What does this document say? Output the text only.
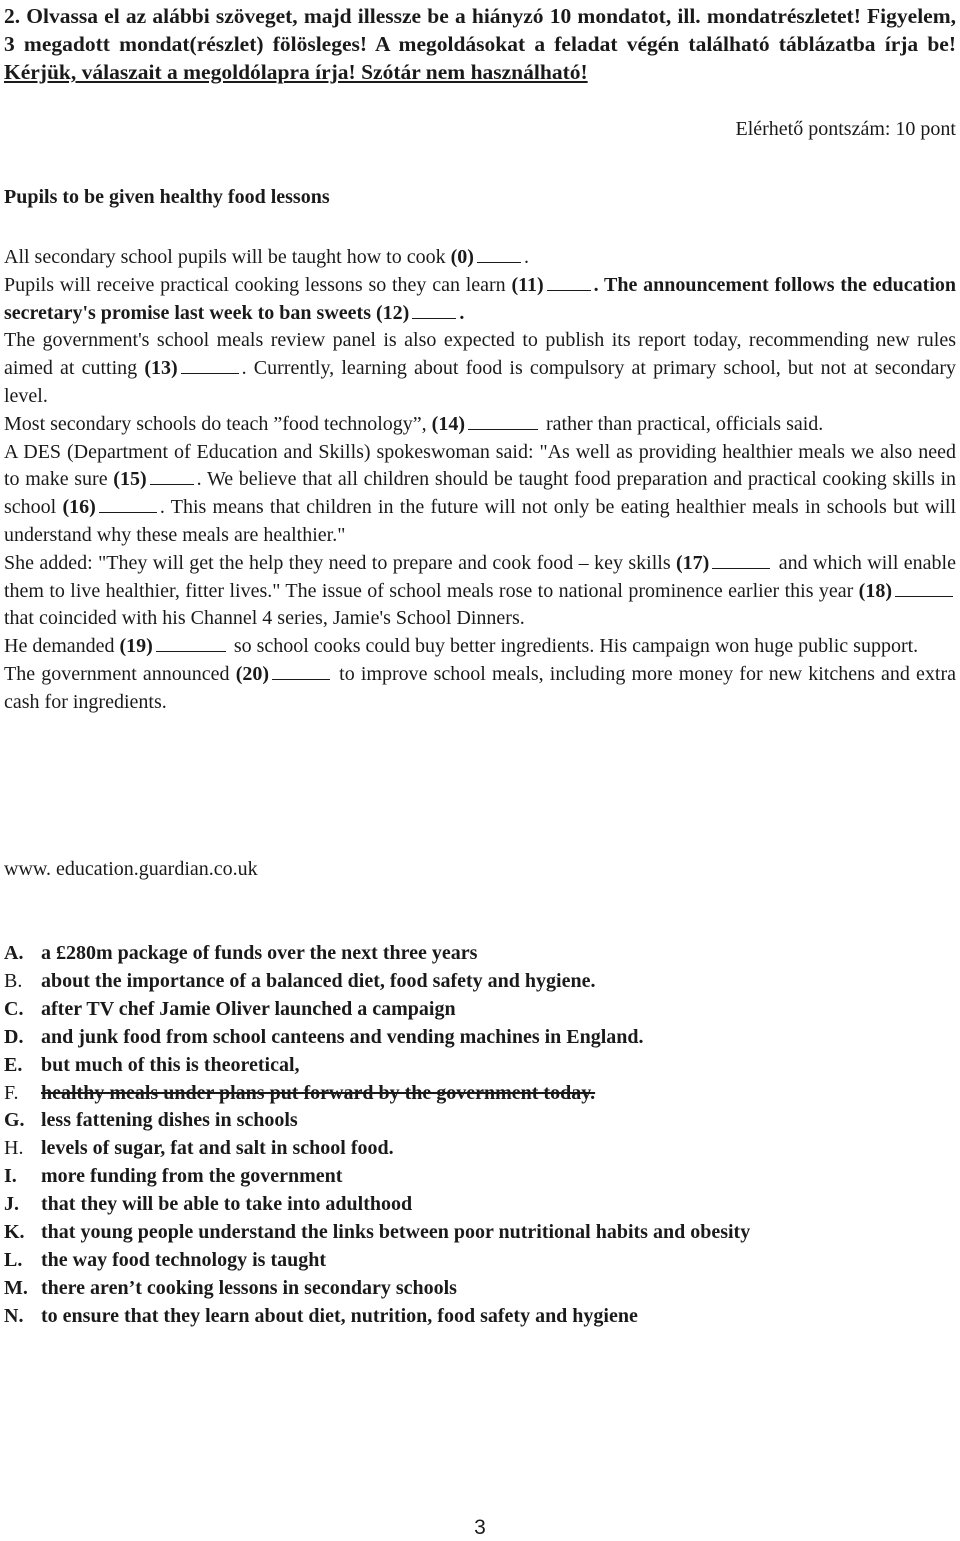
2. Olvassa el az alábbi szöveget, majd illessze be a hiányzó 10 mondatot, ill. mondatrészletet! Figyelem, 3 megadott mondat(részlet) fölösleges! A megoldásokat a feladat végén található táblázatba írja be! Kérjük, válaszait a megoldólapra írja! Szótár nem használható!
Elérhető pontszám: 10 pont
Pupils to be given healthy food lessons

All secondary school pupils will be taught how to cook (0)	.

Pupils will receive practical cooking lessons so they can learn (11)	. The announcement follows the education secretary's promise last week to ban sweets (12)	.

The government's school meals review panel is also expected to publish its report today, recommending new rules aimed at cutting (13)	. Currently, learning about food is compulsory at primary school, but not at secondary level.

Most secondary schools do teach ”food technology”, (14)	rather than practical, officials said.

A DES (Department of Education and Skills) spokeswoman said: "As well as providing healthier meals we also need to make sure (15)	. We believe that all children should be taught food preparation and practical cooking skills in school (16)	. This means that children in the future will not only be eating healthier meals in schools but will understand why these meals are healthier."

She added: "They will get the help they need to prepare and cook food – key skills (17)	and which will enable them to live healthier, fitter lives." The issue of school meals rose to national prominence earlier this year (18) that coincided with his Channel 4 series, Jamie's School Dinners.

He demanded (19)	so school cooks could buy better ingredients. His campaign won huge public support.

The government announced (20)	to improve school meals, including more money for new kitchens and extra cash for ingredients.

www. education.guardian.co.uk
A. a £280m package of funds over the next three years
B. about the importance of a balanced diet, food safety and hygiene.
C. after TV chef Jamie Oliver launched a campaign
D. and junk food from school canteens and vending machines in England.
E. but much of this is theoretical,
F.	healthy meals under plans put forward by the government today.
G. less fattening dishes in schools
H. levels of sugar, fat and salt in school food.
I.	more funding from the government
J.	that they will be able to take into adulthood
K. that young people understand the links between poor nutritional habits and obesity
L. the way food technology is taught
M. there aren’t cooking lessons in secondary schools
N. to ensure that they learn about diet, nutrition, food safety and hygiene
3
